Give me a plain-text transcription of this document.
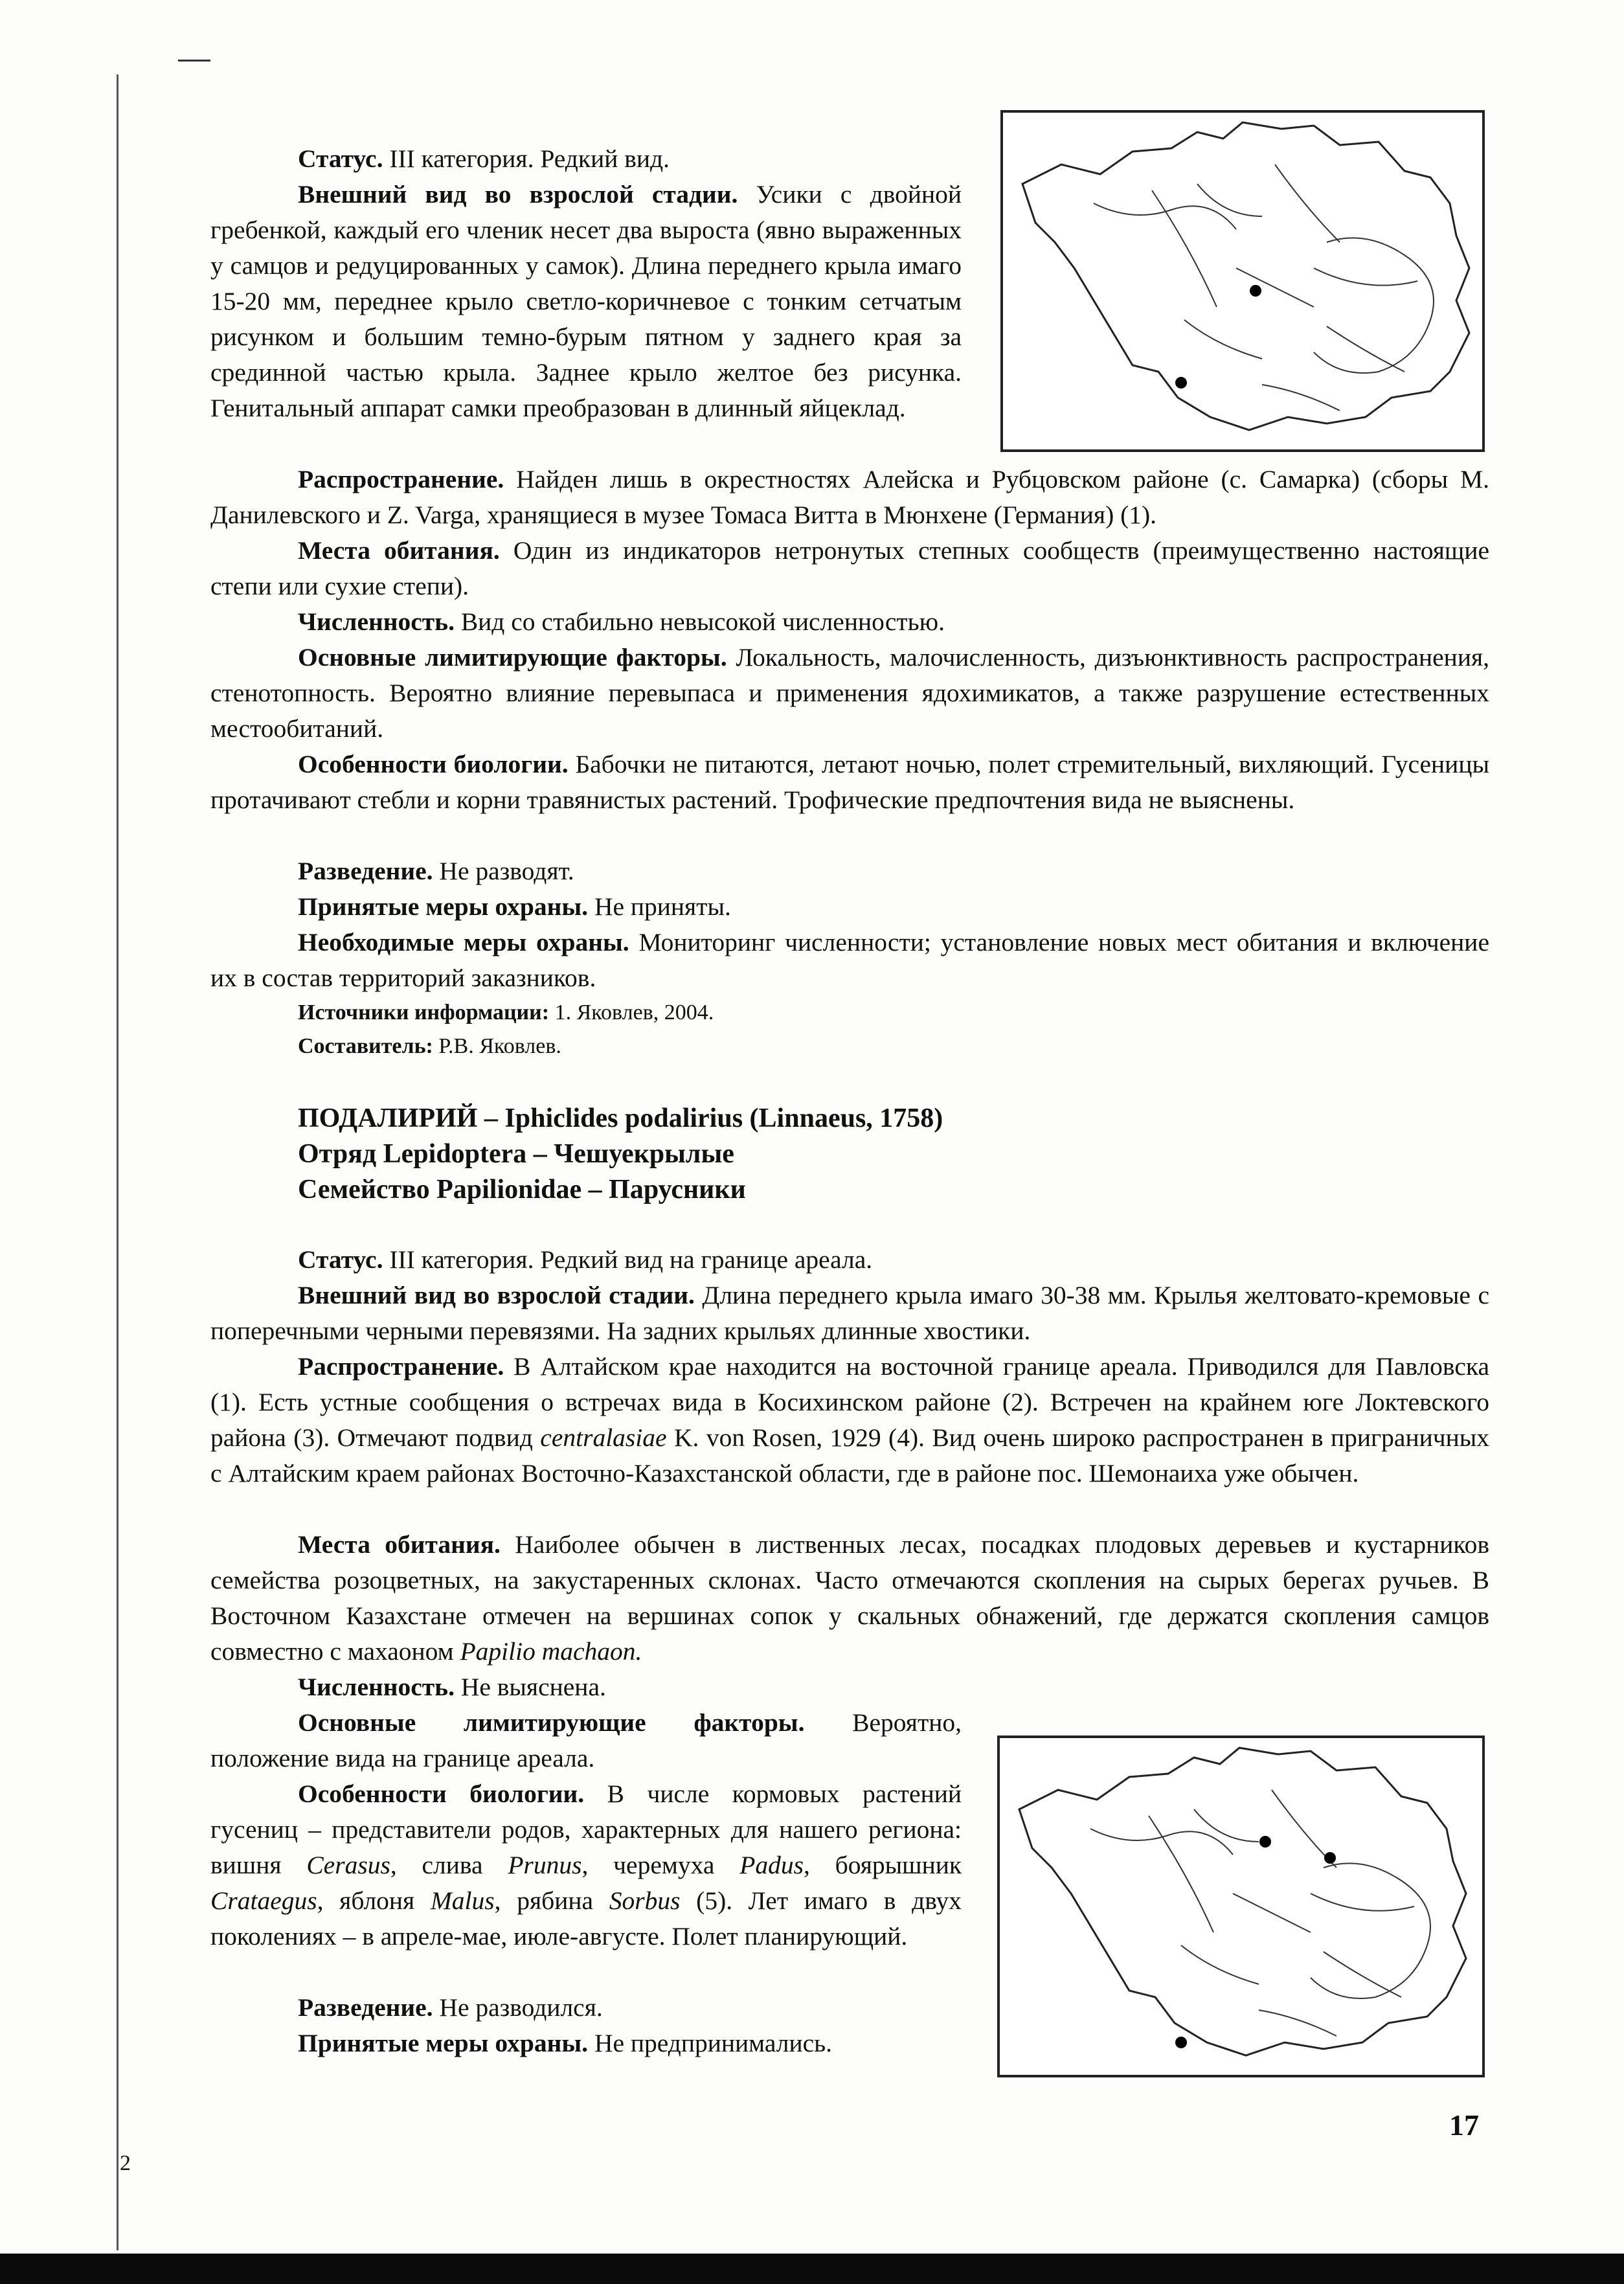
Статус. III категория. Редкий вид.

Внешний вид во взрослой стадии. Усики с двойной гребенкой, каждый его членик несет два выроста (явно выраженных у самцов и редуцированных у самок). Длина переднего крыла имаго 15-20 мм, переднее крыло светло-коричневое с тонким сетчатым рисунком и большим темно-бурым пятном у заднего края за срединной частью крыла. Заднее крыло желтое без рисунка. Генитальный аппарат самки преобразован в длинный яйцеклад.

Распространение. Найден лишь в окрестностях Алейска и Рубцовском районе (с. Самарка) (сборы М. Данилевского и Z. Varga, хранящиеся в музее Томаса Витта в Мюнхене (Германия) (1).

Места обитания. Один из индикаторов нетронутых степных сообществ (преимущественно настоящие степи или сухие степи).

Численность. Вид со стабильно невысокой численностью.

Основные лимитирующие факторы. Локальность, малочисленность, дизъюнктивность распространения, стенотопность. Вероятно влияние перевыпаса и применения ядохимикатов, а также разрушение естественных местообитаний.

Особенности биологии. Бабочки не питаются, летают ночью, полет стремительный, вихляющий. Гусеницы протачивают стебли и корни травянистых растений. Трофические предпочтения вида не выяснены.

Разведение. Не разводят.

Принятые меры охраны. Не приняты.

Необходимые меры охраны. Мониторинг численности; установление новых мест обитания и включение их в состав территорий заказников.

Источники информации: 1. Яковлев, 2004.

Составитель: Р.В. Яковлев.

ПОДАЛИРИЙ – Iphiclides podalirius (Linnaeus, 1758)

Отряд Lepidoptera – Чешуекрылые

Семейство Papilionidae – Парусники

Статус. III категория. Редкий вид на границе ареала.

Внешний вид во взрослой стадии. Длина переднего крыла имаго 30-38 мм. Крылья желтовато-кремовые с поперечными черными перевязями. На задних крыльях длинные хвостики.

Распространение. В Алтайском крае находится на восточной границе ареала. Приводился для Павловска (1). Есть устные сообщения о встречах вида в Косихинском районе (2). Встречен на крайнем юге Локтевского района (3). Отмечают подвид centralasiae K. von Rosen, 1929 (4). Вид очень широко распространен в приграничных с Алтайским краем районах Восточно-Казахстанской области, где в районе пос. Шемонаиха уже обычен.

Места обитания. Наиболее обычен в лиственных лесах, посадках плодовых деревьев и кустарников семейства розоцветных, на закустаренных склонах. Часто отмечаются скопления на сырых берегах ручьев. В Восточном Казахстане отмечен на вершинах сопок у скальных обнажений, где держатся скопления самцов совместно с махаоном Papilio machaon.

Численность. Не выяснена.

Основные лимитирующие факторы. Вероятно, положение вида на границе ареала.

Особенности биологии. В числе кормовых растений гусениц – представители родов, характерных для нашего региона: вишня Cerasus, слива Prunus, черемуха Padus, боярышник Crataegus, яблоня Malus, рябина Sorbus (5). Лет имаго в двух поколениях – в апреле-мае, июле-августе. Полет планирующий.

Разведение. Не разводился.

Принятые меры охраны. Не предпринимались.

17
2
